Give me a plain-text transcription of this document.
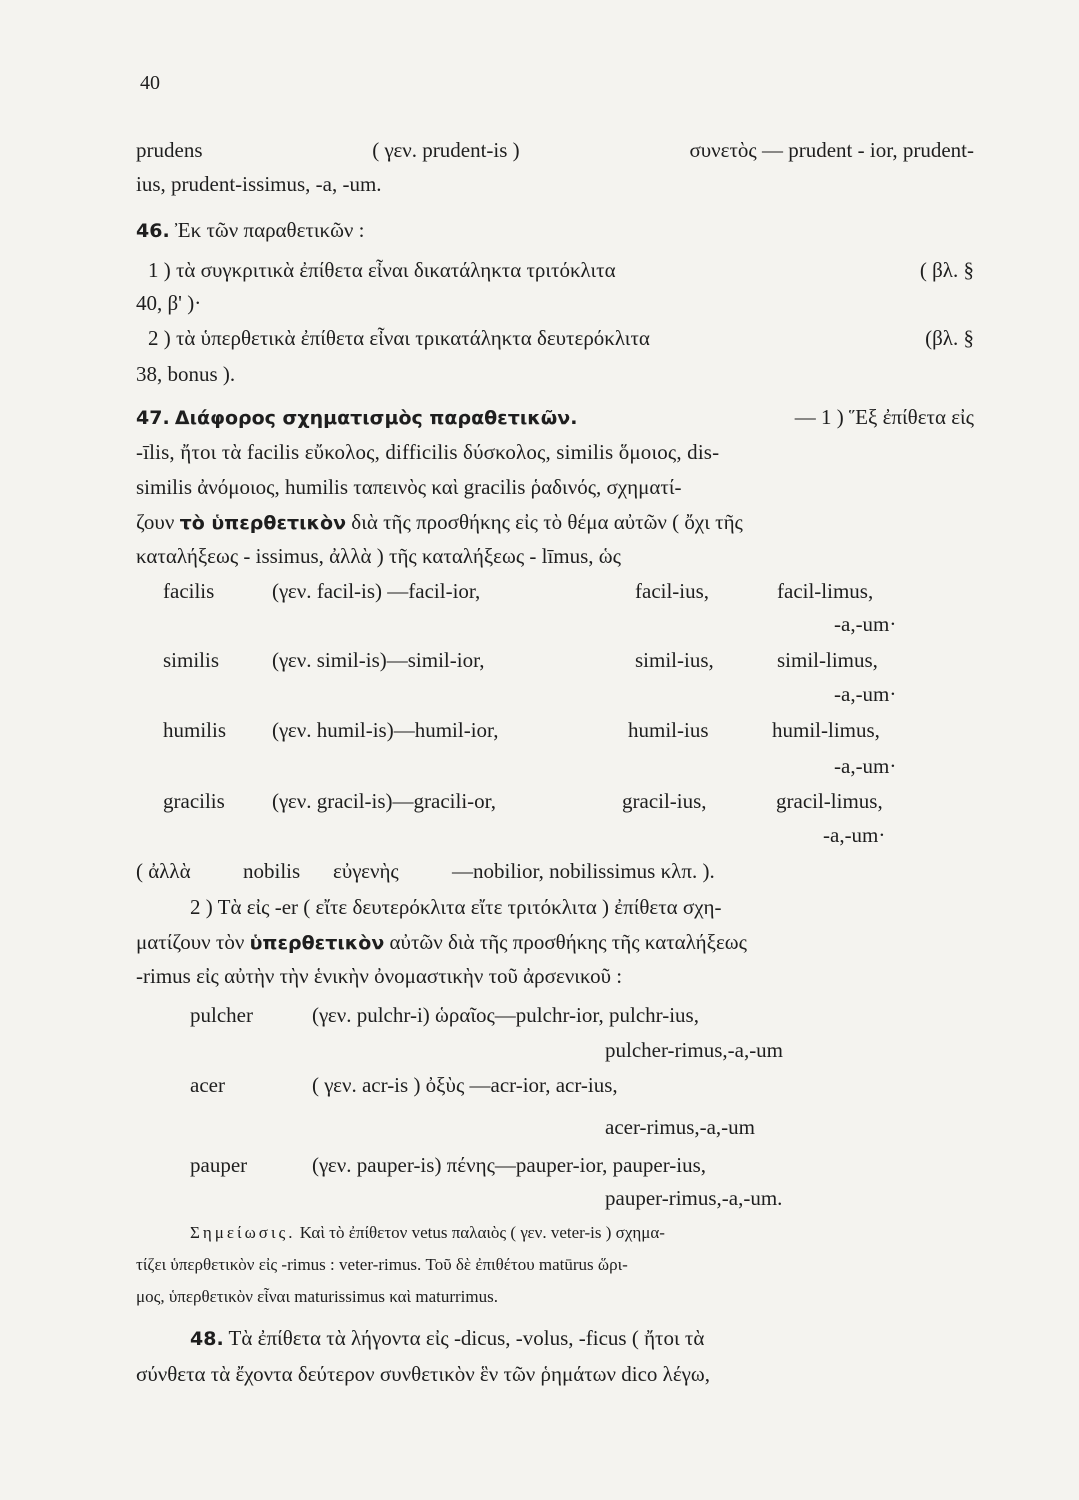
40
prudens	( γεν. prudent-is )	συνετὸς — prudent - ior, prudent-
ius, prudent-issimus, -a, -um.
46. Ἐκ τῶν παραθετικῶν :
1 ) τὰ συγκριτικὰ ἐπίθετα εἶναι δικατάληκτα τριτόκλιτα	( βλ. §
40, β' )·
2 ) τὰ ὑπερθετικὰ ἐπίθετα εἶναι τρικατάληκτα δευτερόκλιτα	(βλ. §
38, bonus ).
47. Διάφορος σχηματισμὸς παραθετικῶν.	— 1 ) Ἕξ ἐπίθετα εἰς
-īlis, ἤτοι τὰ facilis εὔκολος, difficilis δύσκολος, similis ὅμοιος, dis-
similis ἀνόμοιος, humilis ταπεινὸς καὶ gracilis ῥαδινός, σχηματί-
ζουν τὸ ὑπερθετικὸν διὰ τῆς προσθήκης εἰς τὸ θέμα αὐτῶν ( ὄχι τῆς
καταλήξεως - issimus, ἀλλὰ ) τῆς καταλήξεως - līmus, ὡς
facilis	(γεν. facil-is) —facil-ior,	facil-ius,	facil-limus,
-a,-um·
similis	(γεν. simil-is)—simil-ior,	simil-ius,	simil-limus,
-a,-um·
humilis (γεν. humil-is)—humil-ior,	humil-ius	humil-limus,
-a,-um·
gracilis (γεν. gracil-is)—gracili-or,	gracil-ius,	gracil-limus,
-a,-um·
( ἀλλὰ nobilis εὐγενὴς	—nobilior, nobilissimus κλπ. ).
2 ) Τὰ εἰς -er ( εἴτε δευτερόκλιτα εἴτε τριτόκλιτα ) ἐπίθετα σχη-
ματίζουν τὸν ὑπερθετικὸν αὐτῶν διὰ τῆς προσθήκης τῆς καταλήξεως
-rimus εἰς αὐτὴν τὴν ἑνικὴν ὀνομαστικὴν τοῦ ἀρσενικοῦ :
pulcher	(γεν. pulchr-i) ὡραῖος—pulchr-ior, pulchr-ius,
pulcher-rimus,-a,-um
acer	( γεν. acr-is ) ὀξὺς —acr-ior, acr-ius,
acer-rimus,-a,-um
pauper	(γεν. pauper-is) πένης—pauper-ior, pauper-ius,
pauper-rimus,-a,-um.
Σημείωσις. Καὶ τὸ ἐπίθετον vetus παλαιὸς ( γεν. veter-is ) σχημα-
τίζει ὑπερθετικὸν εἰς -rimus : veter-rimus. Τοῦ δὲ ἐπιθέτου matūrus ὥρι-
μος, ὑπερθετικὸν εἶναι maturissimus καὶ maturrimus.
48. Τὰ ἐπίθετα τὰ λήγοντα εἰς -dicus, -volus, -ficus ( ἤτοι τὰ
σύνθετα τὰ ἔχοντα δεύτερον συνθετικὸν ἓν τῶν ῥημάτων dico λέγω,
